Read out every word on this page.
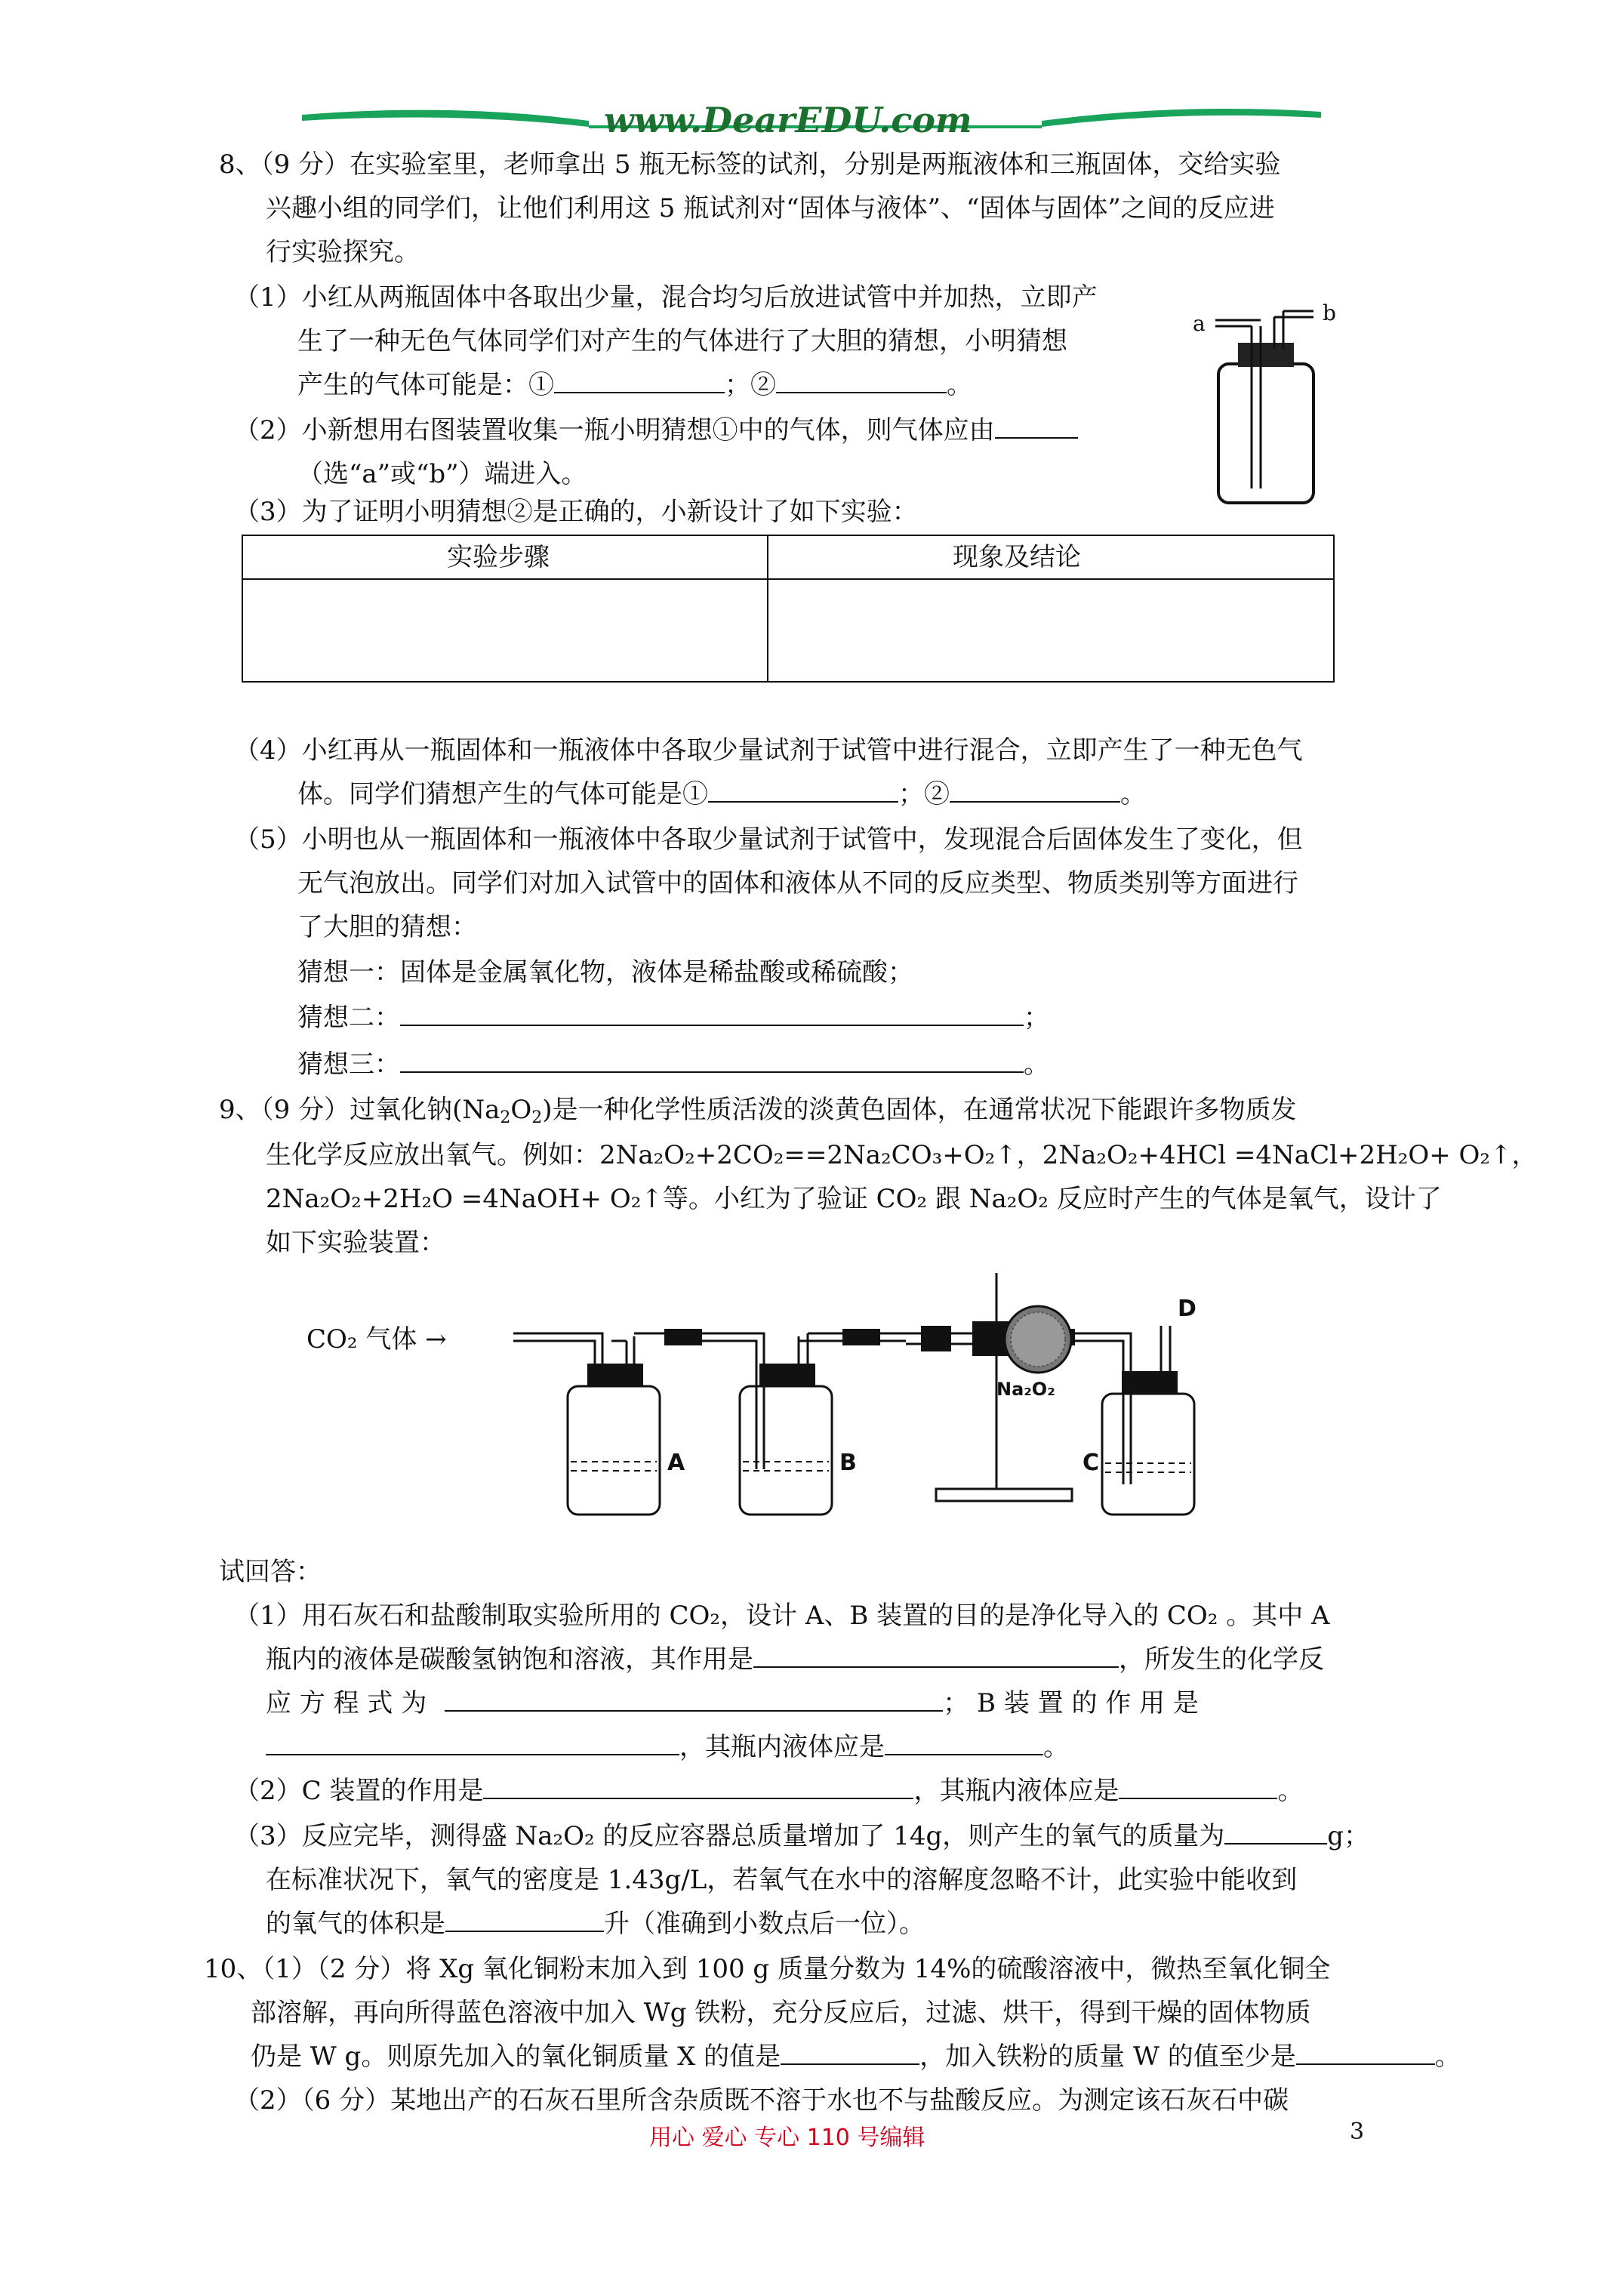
www.DearEDU.com
8、（9 分）在实验室里，老师拿出 5 瓶无标签的试剂，分别是两瓶液体和三瓶固体，交给实验
兴趣小组的同学们，让他们利用这 5 瓶试剂对“固体与液体”、“固体与固体”之间的反应进
行实验探究。
（1）小红从两瓶固体中各取出少量，混合均匀后放进试管中并加热，立即产
生了一种无色气体同学们对产生的气体进行了大胆的猜想，小明猜想
产生的气体可能是：①	；②	。
（2）小新想用右图装置收集一瓶小明猜想①中的气体，则气体应由
（选“a”或“b”）端进入。
a	b
（3）为了证明小明猜想②是正确的，小新设计了如下实验：
实验步骤	现象及结论
（4）小红再从一瓶固体和一瓶液体中各取少量试剂于试管中进行混合，立即产生了一种无色气
体。同学们猜想产生的气体可能是①	；②	。
（5）小明也从一瓶固体和一瓶液体中各取少量试剂于试管中，发现混合后固体发生了变化，但
无气泡放出。同学们对加入试管中的固体和液体从不同的反应类型、物质类别等方面进行
了大胆的猜想：
猜想一：固体是金属氧化物，液体是稀盐酸或稀硫酸；
猜想二：	；
猜想三：	。
9、（9 分）过氧化钠$(Na_2O_2)$是一种化学性质活泼的淡黄色固体，在通常状况下能跟许多物质发
生化学反应放出氧气。例如：2Na₂O₂+2CO₂==2Na₂CO₃+O₂↑，2Na₂O₂+4HCl =4NaCl+2H₂O+ O₂↑，
2Na₂O₂+2H₂O =4NaOH+ O₂↑等。小红为了验证 CO₂ 跟 Na₂O₂ 反应时产生的气体是氧气，设计了
如下实验装置：
CO₂ 气体 →
A	B
Na₂O₂
C
D
试回答：
（1）用石灰石和盐酸制取实验所用的 CO₂，设计 A、B 装置的目的是净化导入的 CO₂ 。其中 A
瓶内的液体是碳酸氢钠饱和溶液，其作用是	，所发生的化学反
应 方 程 式 为	； B 装 置 的 作 用 是
，其瓶内液体应是	。
（2）C 装置的作用是	，其瓶内液体应是	。
（3）反应完毕，测得盛 Na₂O₂ 的反应容器总质量增加了 14g，则产生的氧气的质量为	g；
在标准状况下，氧气的密度是 1.43g/L，若氧气在水中的溶解度忽略不计，此实验中能收到
的氧气的体积是	升（准确到小数点后一位）。
10、（1）（2 分）将 Xg 氧化铜粉末加入到 100 g 质量分数为 14%的硫酸溶液中，微热至氧化铜全
部溶解，再向所得蓝色溶液中加入 Wg 铁粉，充分反应后，过滤、烘干，得到干燥的固体物质
仍是 W g。则原先加入的氧化铜质量 X 的值是	，加入铁粉的质量 W 的值至少是	。
（2）（6 分）某地出产的石灰石里所含杂质既不溶于水也不与盐酸反应。为测定该石灰石中碳
用心 爱心 专心 110 号编辑	3
